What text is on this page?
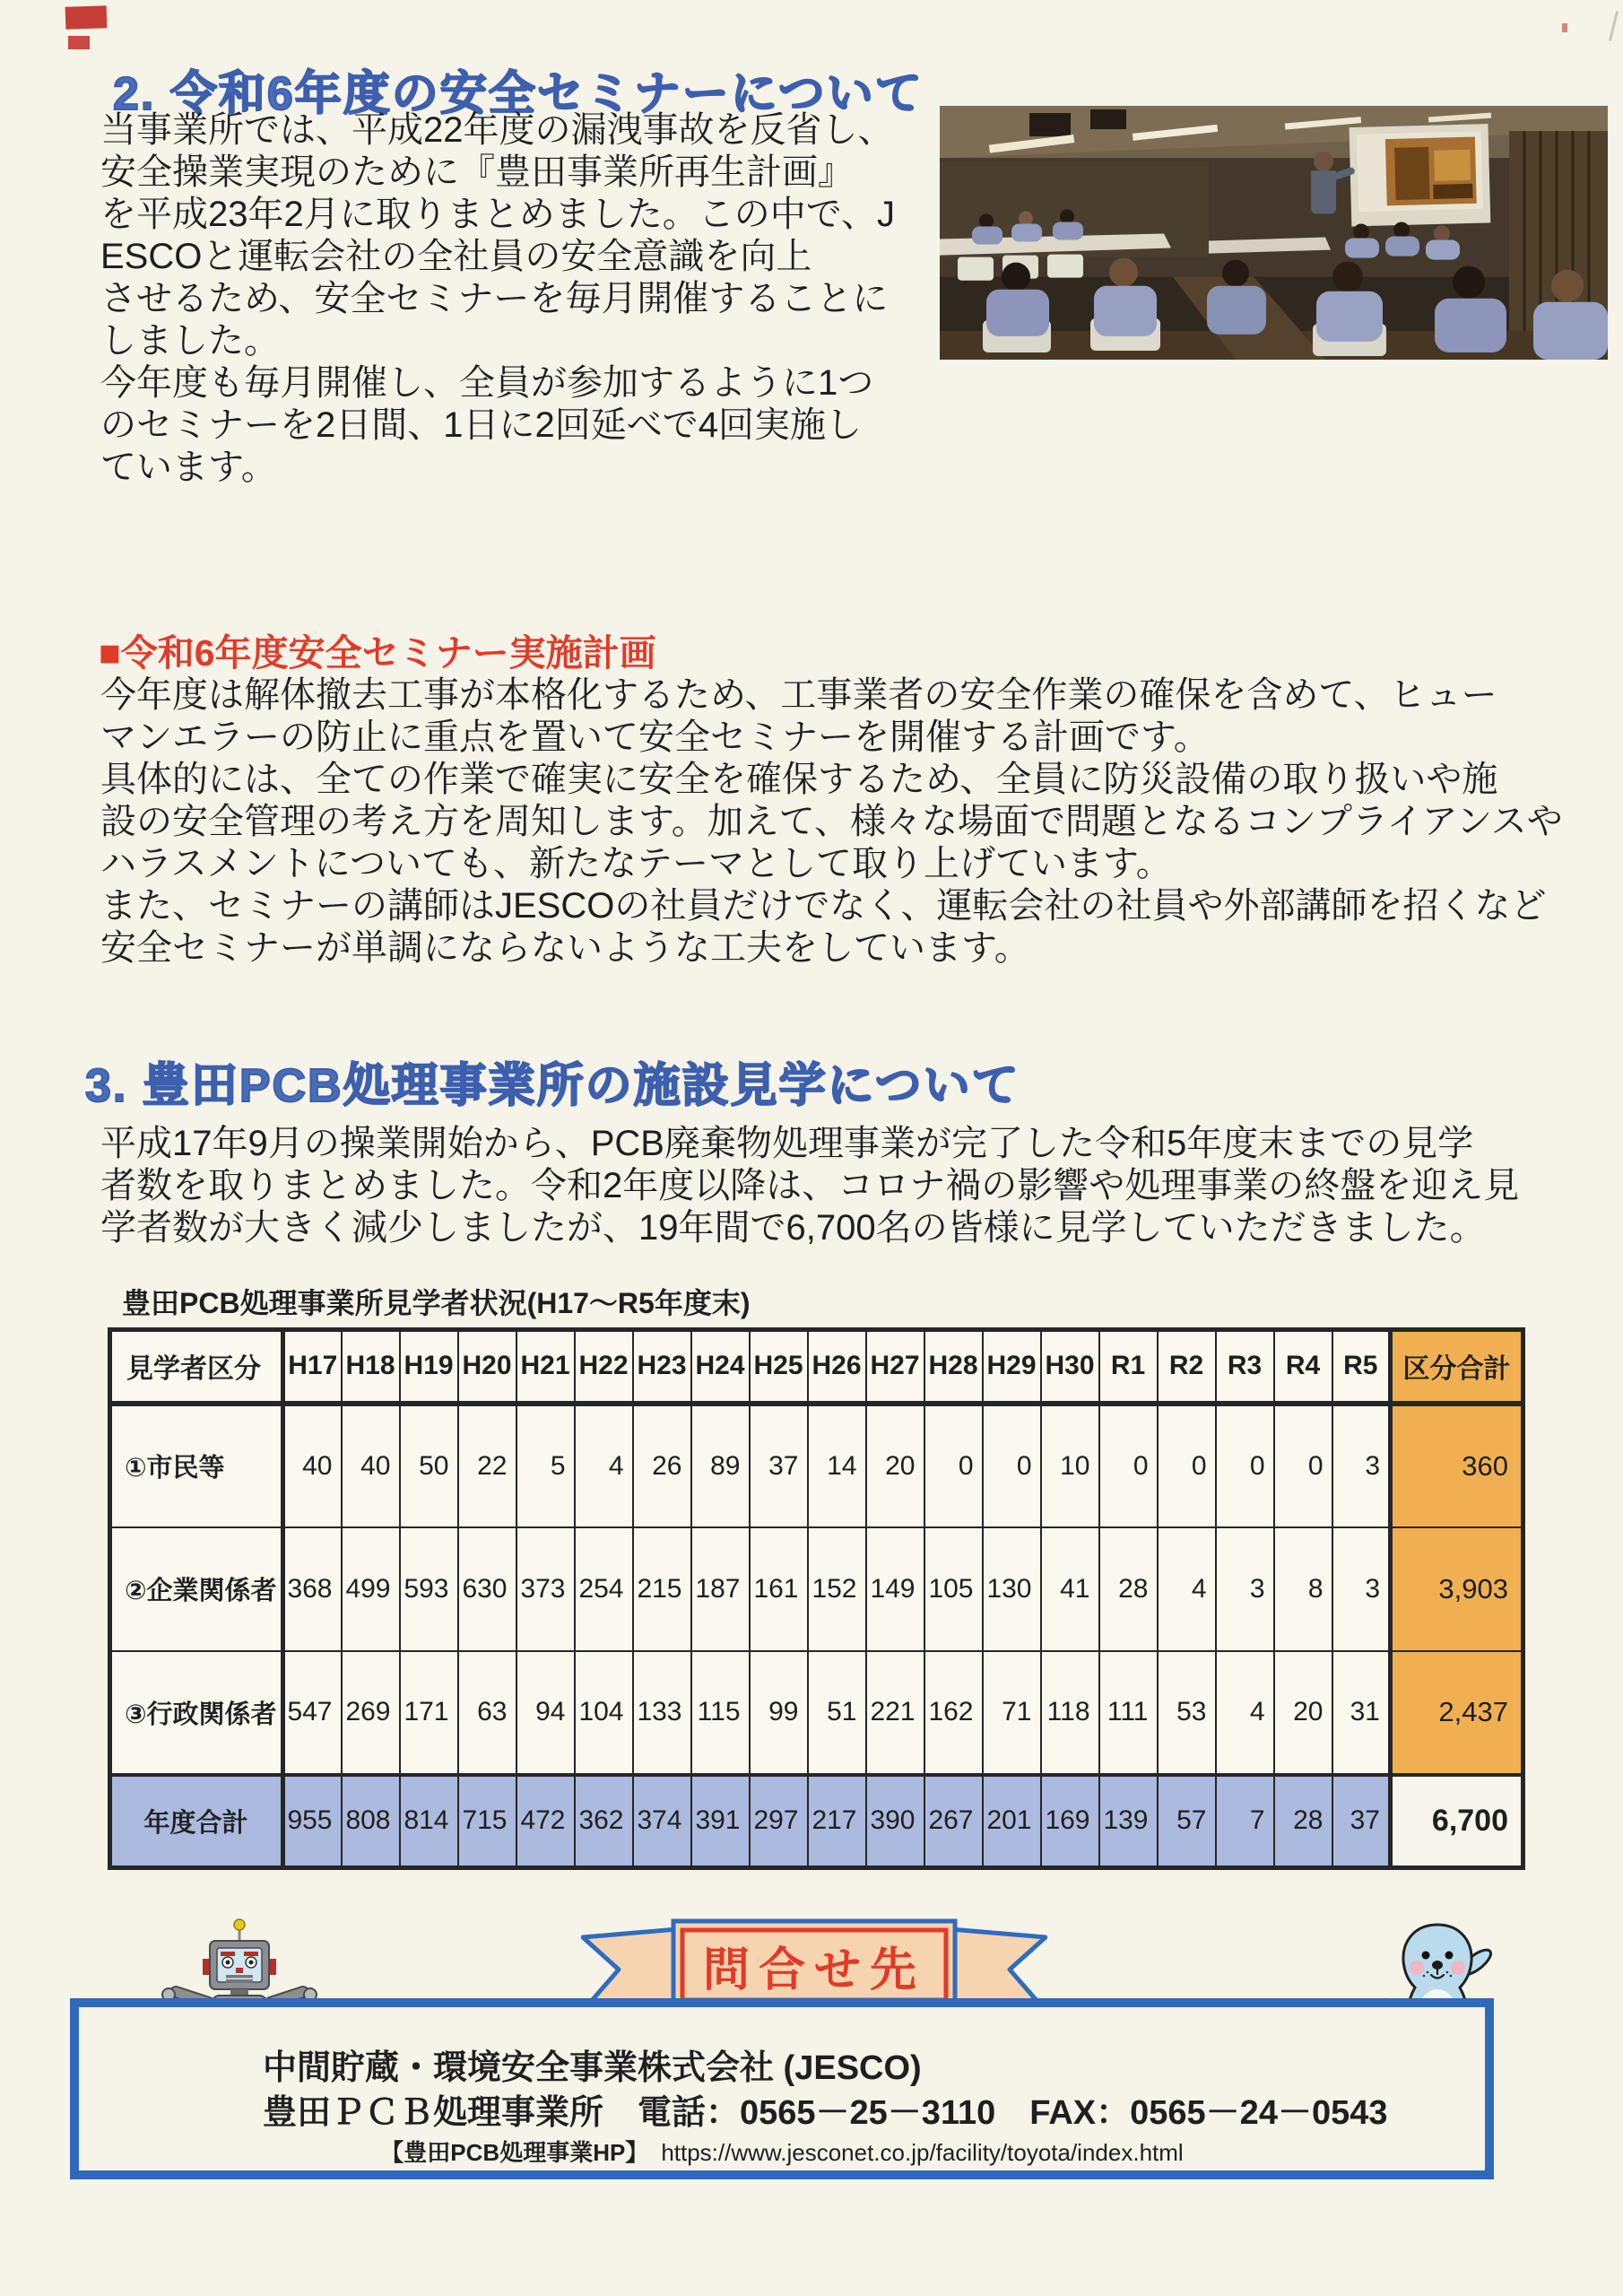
2. 令和6年度の安全セミナーについて
当事業所では、平成22年度の漏洩事故を反省し、
安全操業実現のために『豊田事業所再生計画』
を平成23年2月に取りまとめました。この中で、J
ESCOと運転会社の全社員の安全意識を向上
させるため、安全セミナーを毎月開催することに
しました。
今年度も毎月開催し、全員が参加するように1つ
のセミナーを2日間、1日に2回延べで4回実施し
ています。
■令和6年度安全セミナー実施計画
今年度は解体撤去工事が本格化するため、工事業者の安全作業の確保を含めて、ヒュー
マンエラーの防止に重点を置いて安全セミナーを開催する計画です。
具体的には、全ての作業で確実に安全を確保するため、全員に防災設備の取り扱いや施
設の安全管理の考え方を周知します。加えて、様々な場面で問題となるコンプライアンスや
ハラスメントについても、新たなテーマとして取り上げています。
また、セミナーの講師はJESCOの社員だけでなく、運転会社の社員や外部講師を招くなど
安全セミナーが単調にならないような工夫をしています。
3. 豊田PCB処理事業所の施設見学について
平成17年9月の操業開始から、PCB廃棄物処理事業が完了した令和5年度末までの見学
者数を取りまとめました。令和2年度以降は、コロナ禍の影響や処理事業の終盤を迎え見
学者数が大きく減少しましたが、19年間で6,700名の皆様に見学していただきました。
豊田PCB処理事業所見学者状況(H17〜R5年度末)
見学者区分	H17	H18	H19	H20	H21	H22	H23	H24	H25	H26	H27	H28	H29	H30	R1	R2	R3	R4	R5	区分合計
①市民等	40	40	50	22	5	4	26	89	37	14	20	0	0	10	0	0	0	0	3	360
②企業関係者	368	499	593	630	373	254	215	187	161	152	149	105	130	41	28	4	3	8	3	3,903
③行政関係者	547	269	171	63	94	104	133	115	99	51	221	162	71	118	111	53	4	20	31	2,437
年度合計	955	808	814	715	472	362	374	391	297	217	390	267	201	169	139	57	7	28	37	6,700
問合せ先
中間貯蔵・環境安全事業株式会社 (JESCO)
豊田ＰＣＢ処理事業所　電話：0565－25－3110　FAX：0565－24－0543
【豊田PCB処理事業HP】 https://www.jesconet.co.jp/facility/toyota/index.html
